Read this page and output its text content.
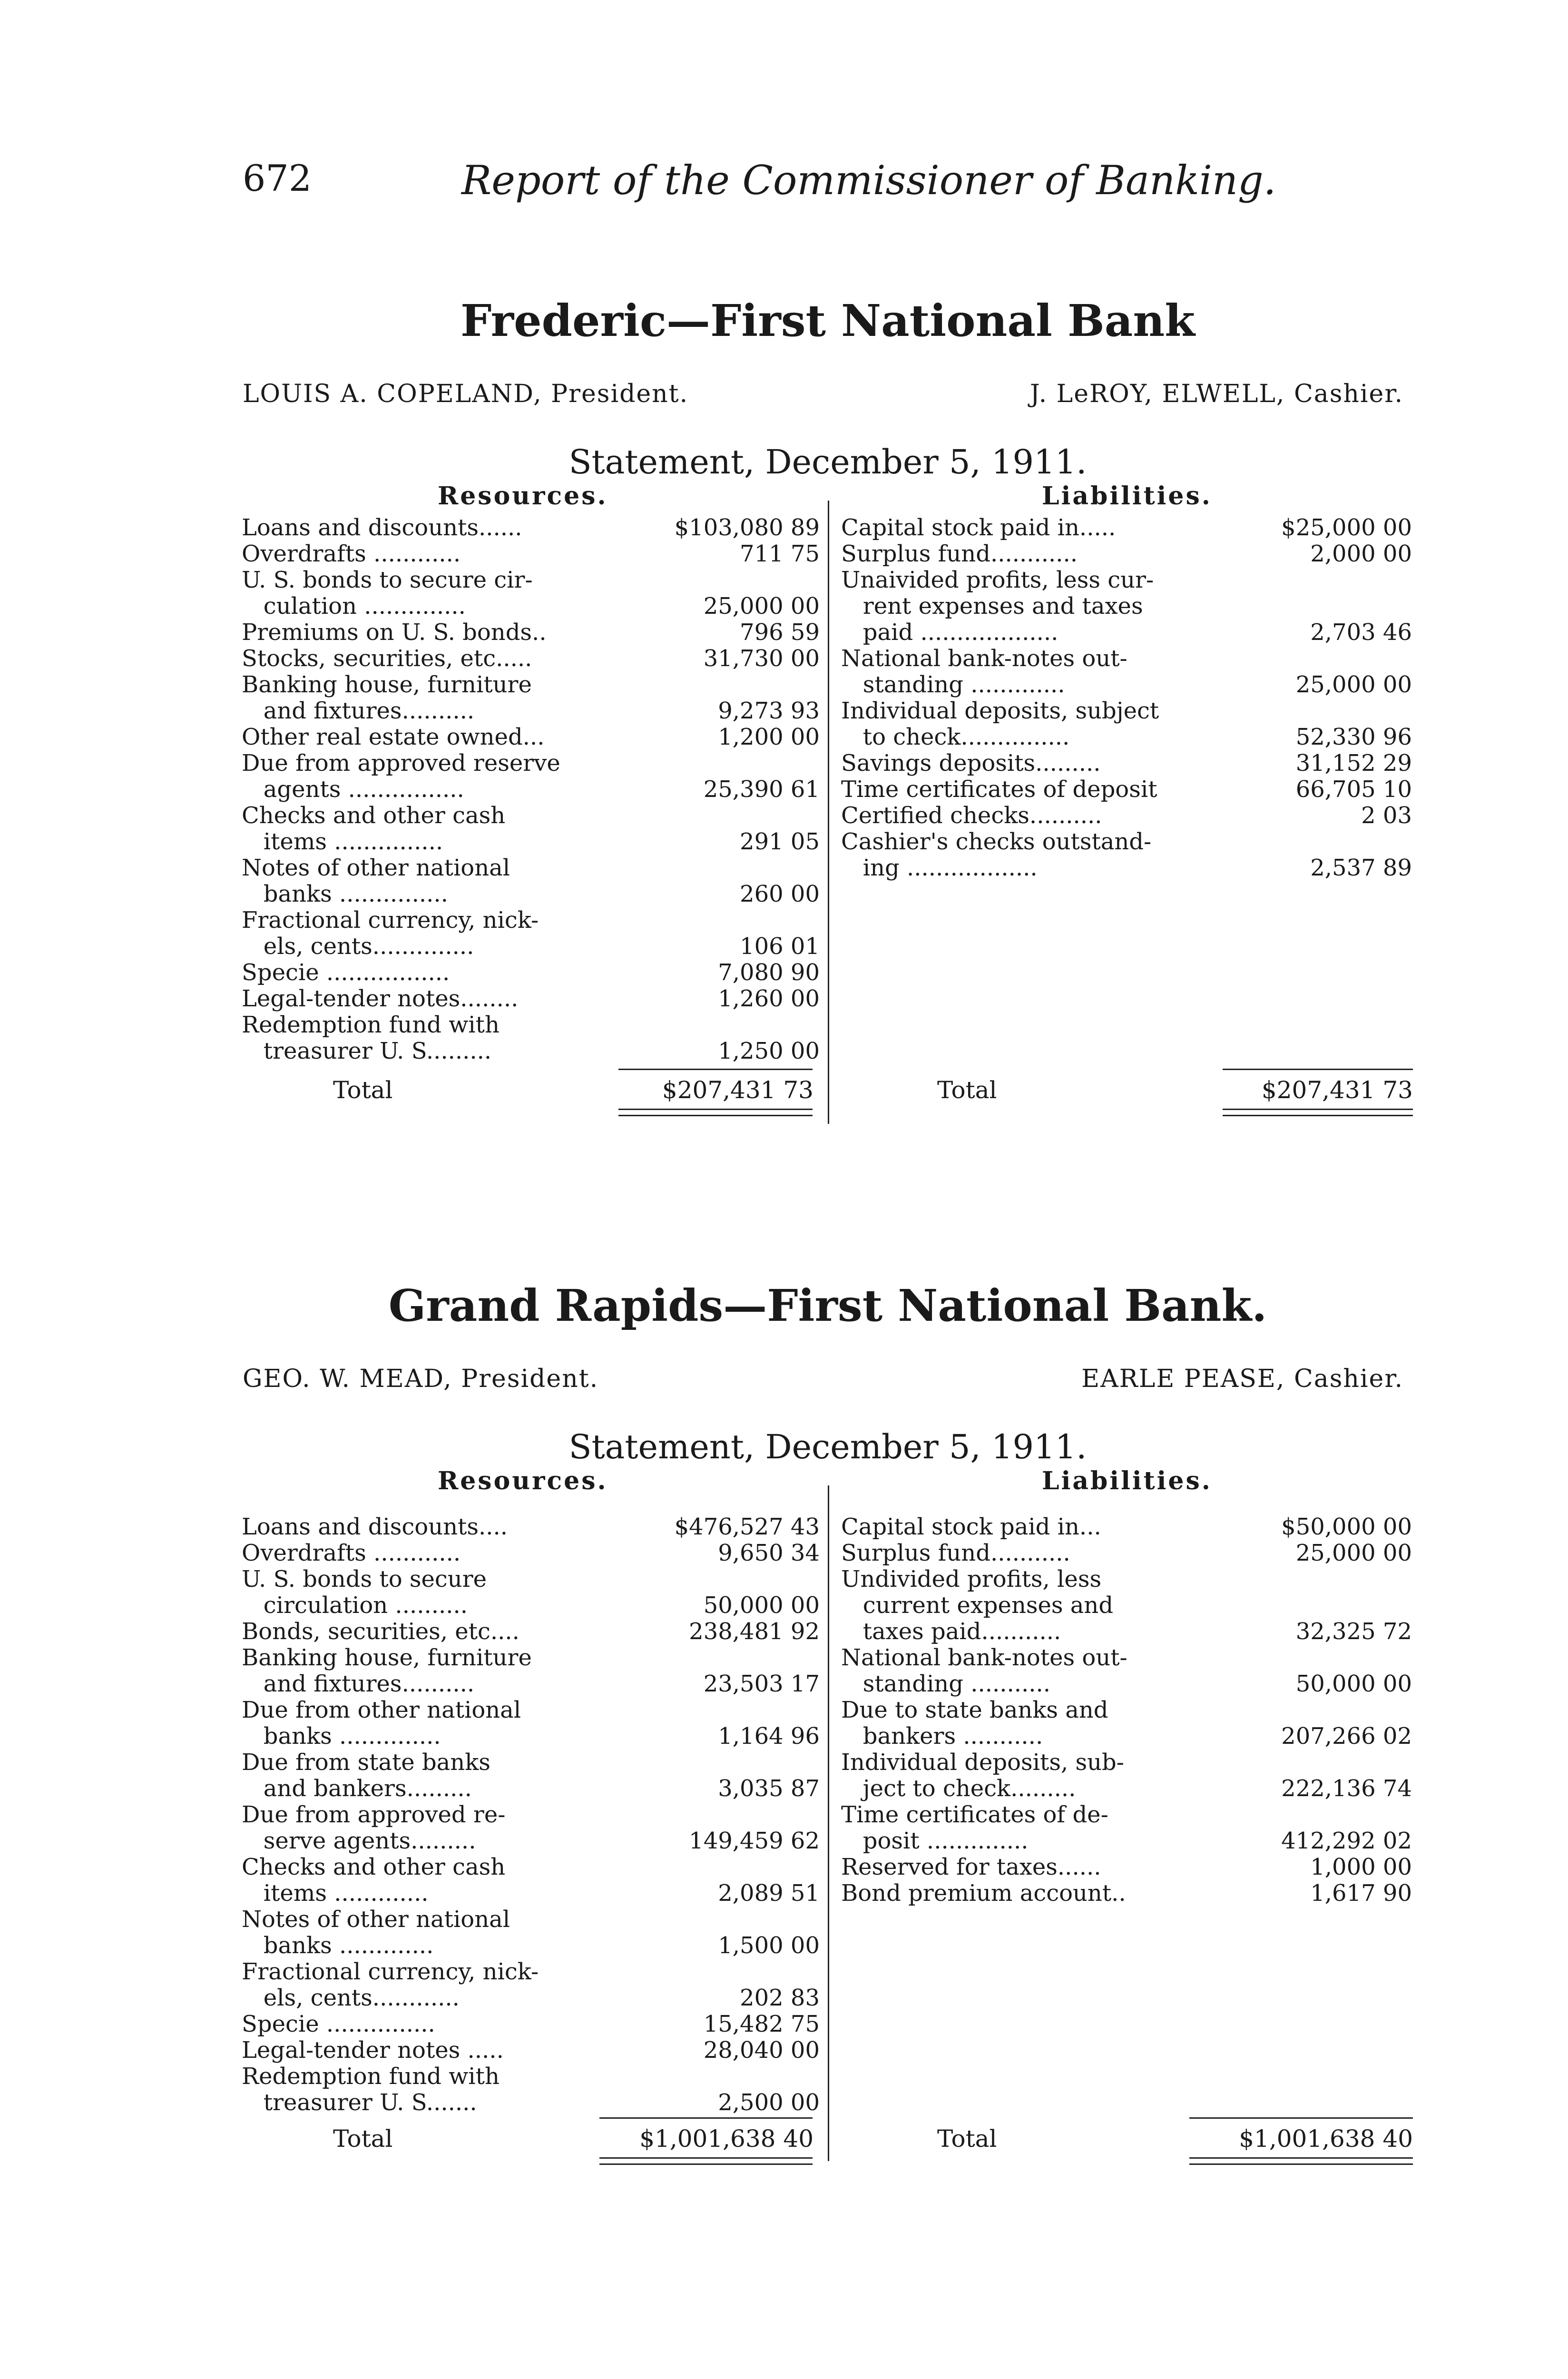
672	Report of the Commissioner of Banking.
Frederic—First National Bank
LOUIS A. COPELAND, President.	J. LeROY, ELWELL, Cashier.
Statement, December 5, 1911.
Resources.	Liabilities.
Loans and discounts......	$103,080 89
Overdrafts ............	711 75
U. S. bonds to secure cir-
culation ..............	25,000 00
Premiums on U. S. bonds..	796 59
Stocks, securities, etc.....	31,730 00
Banking house, furniture
and fixtures..........	9,273 93
Other real estate owned...	1,200 00
Due from approved reserve
agents ................	25,390 61
Checks and other cash
items ...............	291 05
Notes of other national
banks ...............	260 00
Fractional currency, nick-
els, cents..............	106 01
Specie .................	7,080 90
Legal-tender notes........	1,260 00
Redemption fund with
treasurer U. S.........	1,250 00
Capital stock paid in.....	$25,000 00
Surplus fund............	2,000 00
Unaivided profits, less cur-
rent expenses and taxes
paid ...................	2,703 46
National bank-notes out-
standing .............	25,000 00
Individual deposits, subject
to check...............	52,330 96
Savings deposits.........	31,152 29
Time certificates of deposit	66,705 10
Certified checks..........	2 03
Cashier's checks outstand-
ing ..................	2,537 89
Total	$207,431 73	Total	$207,431 73
Grand Rapids—First National Bank.
GEO. W. MEAD, President.	EARLE PEASE, Cashier.
Statement, December 5, 1911.
Resources.	Liabilities.
Loans and discounts....	$476,527 43
Overdrafts ............	9,650 34
U. S. bonds to secure
circulation ..........	50,000 00
Bonds, securities, etc....	238,481 92
Banking house, furniture
and fixtures..........	23,503 17
Due from other national
banks ..............	1,164 96
Due from state banks
and bankers.........	3,035 87
Due from approved re-
serve agents.........	149,459 62
Checks and other cash
items .............	2,089 51
Notes of other national
banks .............	1,500 00
Fractional currency, nick-
els, cents............	202 83
Specie ...............	15,482 75
Legal-tender notes .....	28,040 00
Redemption fund with
treasurer U. S.......	2,500 00
Capital stock paid in...	$50,000 00
Surplus fund...........	25,000 00
Undivided profits, less
current expenses and
taxes paid...........	32,325 72
National bank-notes out-
standing ...........	50,000 00
Due to state banks and
bankers ...........	207,266 02
Individual deposits, sub-
ject to check.........	222,136 74
Time certificates of de-
posit ..............	412,292 02
Reserved for taxes......	1,000 00
Bond premium account..	1,617 90
Total	$1,001,638 40	Total	$1,001,638 40
